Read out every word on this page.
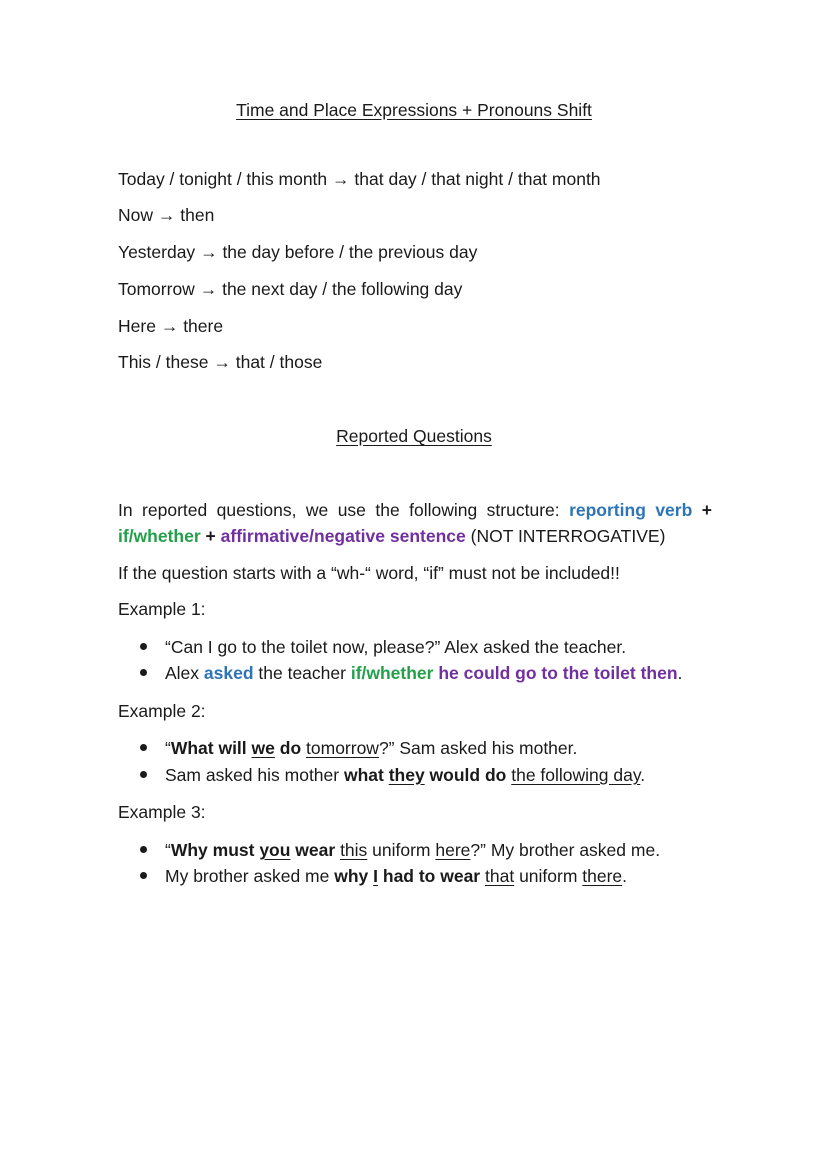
Time and Place Expressions + Pronouns Shift
Today / tonight / this month → that day / that night / that month
Now → then
Yesterday → the day before / the previous day
Tomorrow → the next day / the following day
Here → there
This / these → that / those
Reported Questions
In reported questions, we use the following structure: reporting verb + if/whether + affirmative/negative sentence (NOT INTERROGATIVE)
If the question starts with a “wh-“ word, “if” must not be included!!
Example 1:
“Can I go to the toilet now, please?” Alex asked the teacher.
Alex asked the teacher if/whether he could go to the toilet then.
Example 2:
“What will we do tomorrow?” Sam asked his mother.
Sam asked his mother what they would do the following day.
Example 3:
“Why must you wear this uniform here?” My brother asked me.
My brother asked me why I had to wear that uniform there.
